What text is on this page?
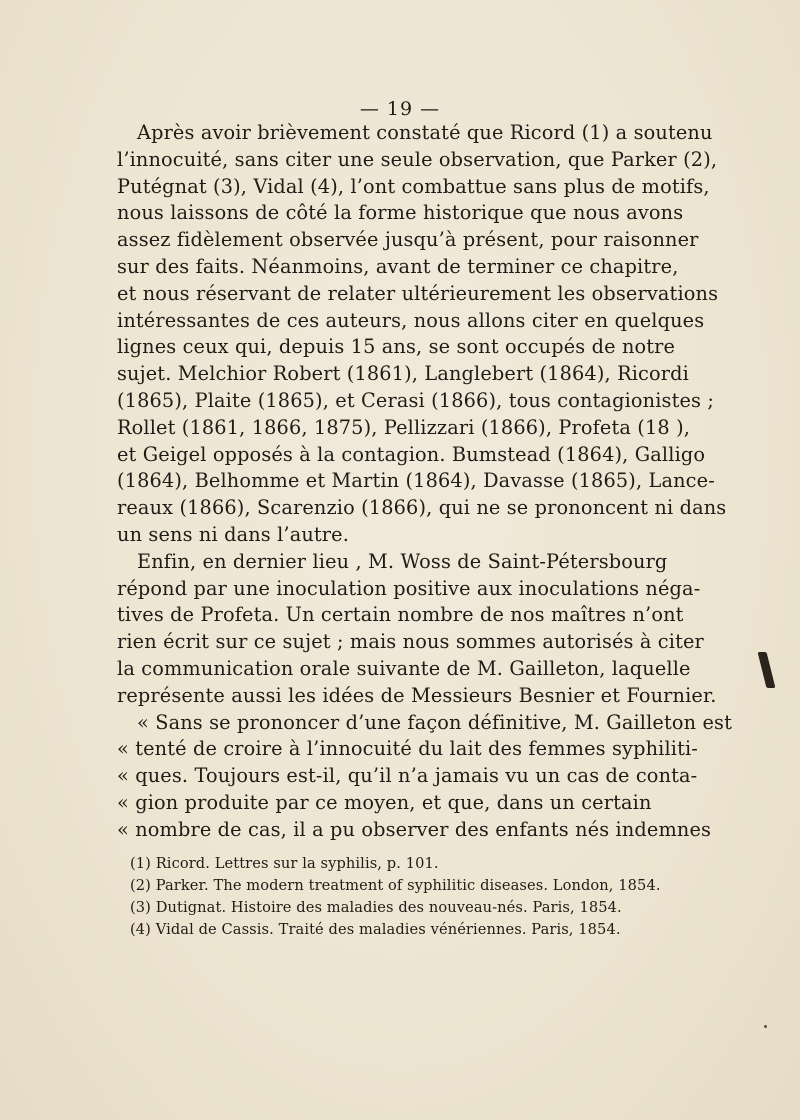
— 19 —

Après avoir brièvement constaté que Ricord (1) a soutenu
l’innocuité, sans citer une seule observation, que Parker (2),
Putégnat (3), Vidal (4), l’ont combattue sans plus de motifs,
nous laissons de côté la forme historique que nous avons
assez fidèlement observée jusqu’à présent, pour raisonner
sur des faits. Néanmoins, avant de terminer ce chapitre,
et nous réservant de relater ultérieurement les observations
intéressantes de ces auteurs, nous allons citer en quelques
lignes ceux qui, depuis 15 ans, se sont occupés de notre
sujet. Melchior Robert (1861), Langlebert (1864), Ricordi
(1865), Plaite (1865), et Cerasi (1866), tous contagionistes ;
Rollet (1861, 1866, 1875), Pellizzari (1866), Profeta (18 ),
et Geigel opposés à la contagion. Bumstead (1864), Galligo
(1864), Belhomme et Martin (1864), Davasse (1865), Lance-
reaux (1866), Scarenzio (1866), qui ne se prononcent ni dans
un sens ni dans l’autre.

Enfin, en dernier lieu , M. Woss de Saint-Pétersbourg
répond par une inoculation positive aux inoculations néga-
tives de Profeta. Un certain nombre de nos maîtres n’ont
rien écrit sur ce sujet ; mais nous sommes autorisés à citer
la communication orale suivante de M. Gailleton, laquelle
représente aussi les idées de Messieurs Besnier et Fournier.

« Sans se prononcer d’une façon définitive, M. Gailleton est
« tenté de croire à l’innocuité du lait des femmes syphiliti-
« ques. Toujours est-il, qu’il n’a jamais vu un cas de conta-
« gion produite par ce moyen, et que, dans un certain
« nombre de cas, il a pu observer des enfants nés indemnes

(1) Ricord. Lettres sur la syphilis, p. 101.
(2) Parker. The modern treatment of syphilitic diseases. London, 1854.
(3) Dutignat. Histoire des maladies des nouveau-nés. Paris, 1854.
(4) Vidal de Cassis. Traité des maladies vénériennes. Paris, 1854.
